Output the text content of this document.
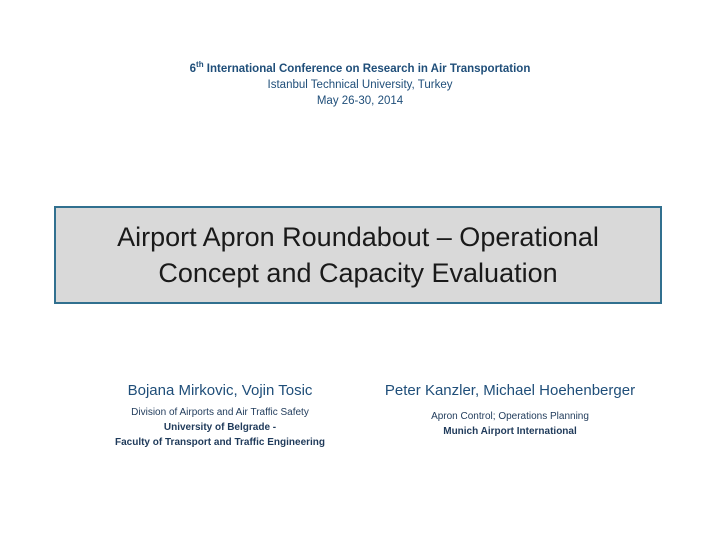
6th International Conference on Research in Air Transportation
Istanbul Technical University, Turkey
May 26-30, 2014
Airport Apron Roundabout – Operational
Concept and Capacity Evaluation
Bojana Mirkovic, Vojin Tosic
Division of Airports and Air Traffic Safety
University of Belgrade -
Faculty of Transport and Traffic Engineering
Peter Kanzler, Michael Hoehenberger
Apron Control; Operations Planning
Munich Airport International
